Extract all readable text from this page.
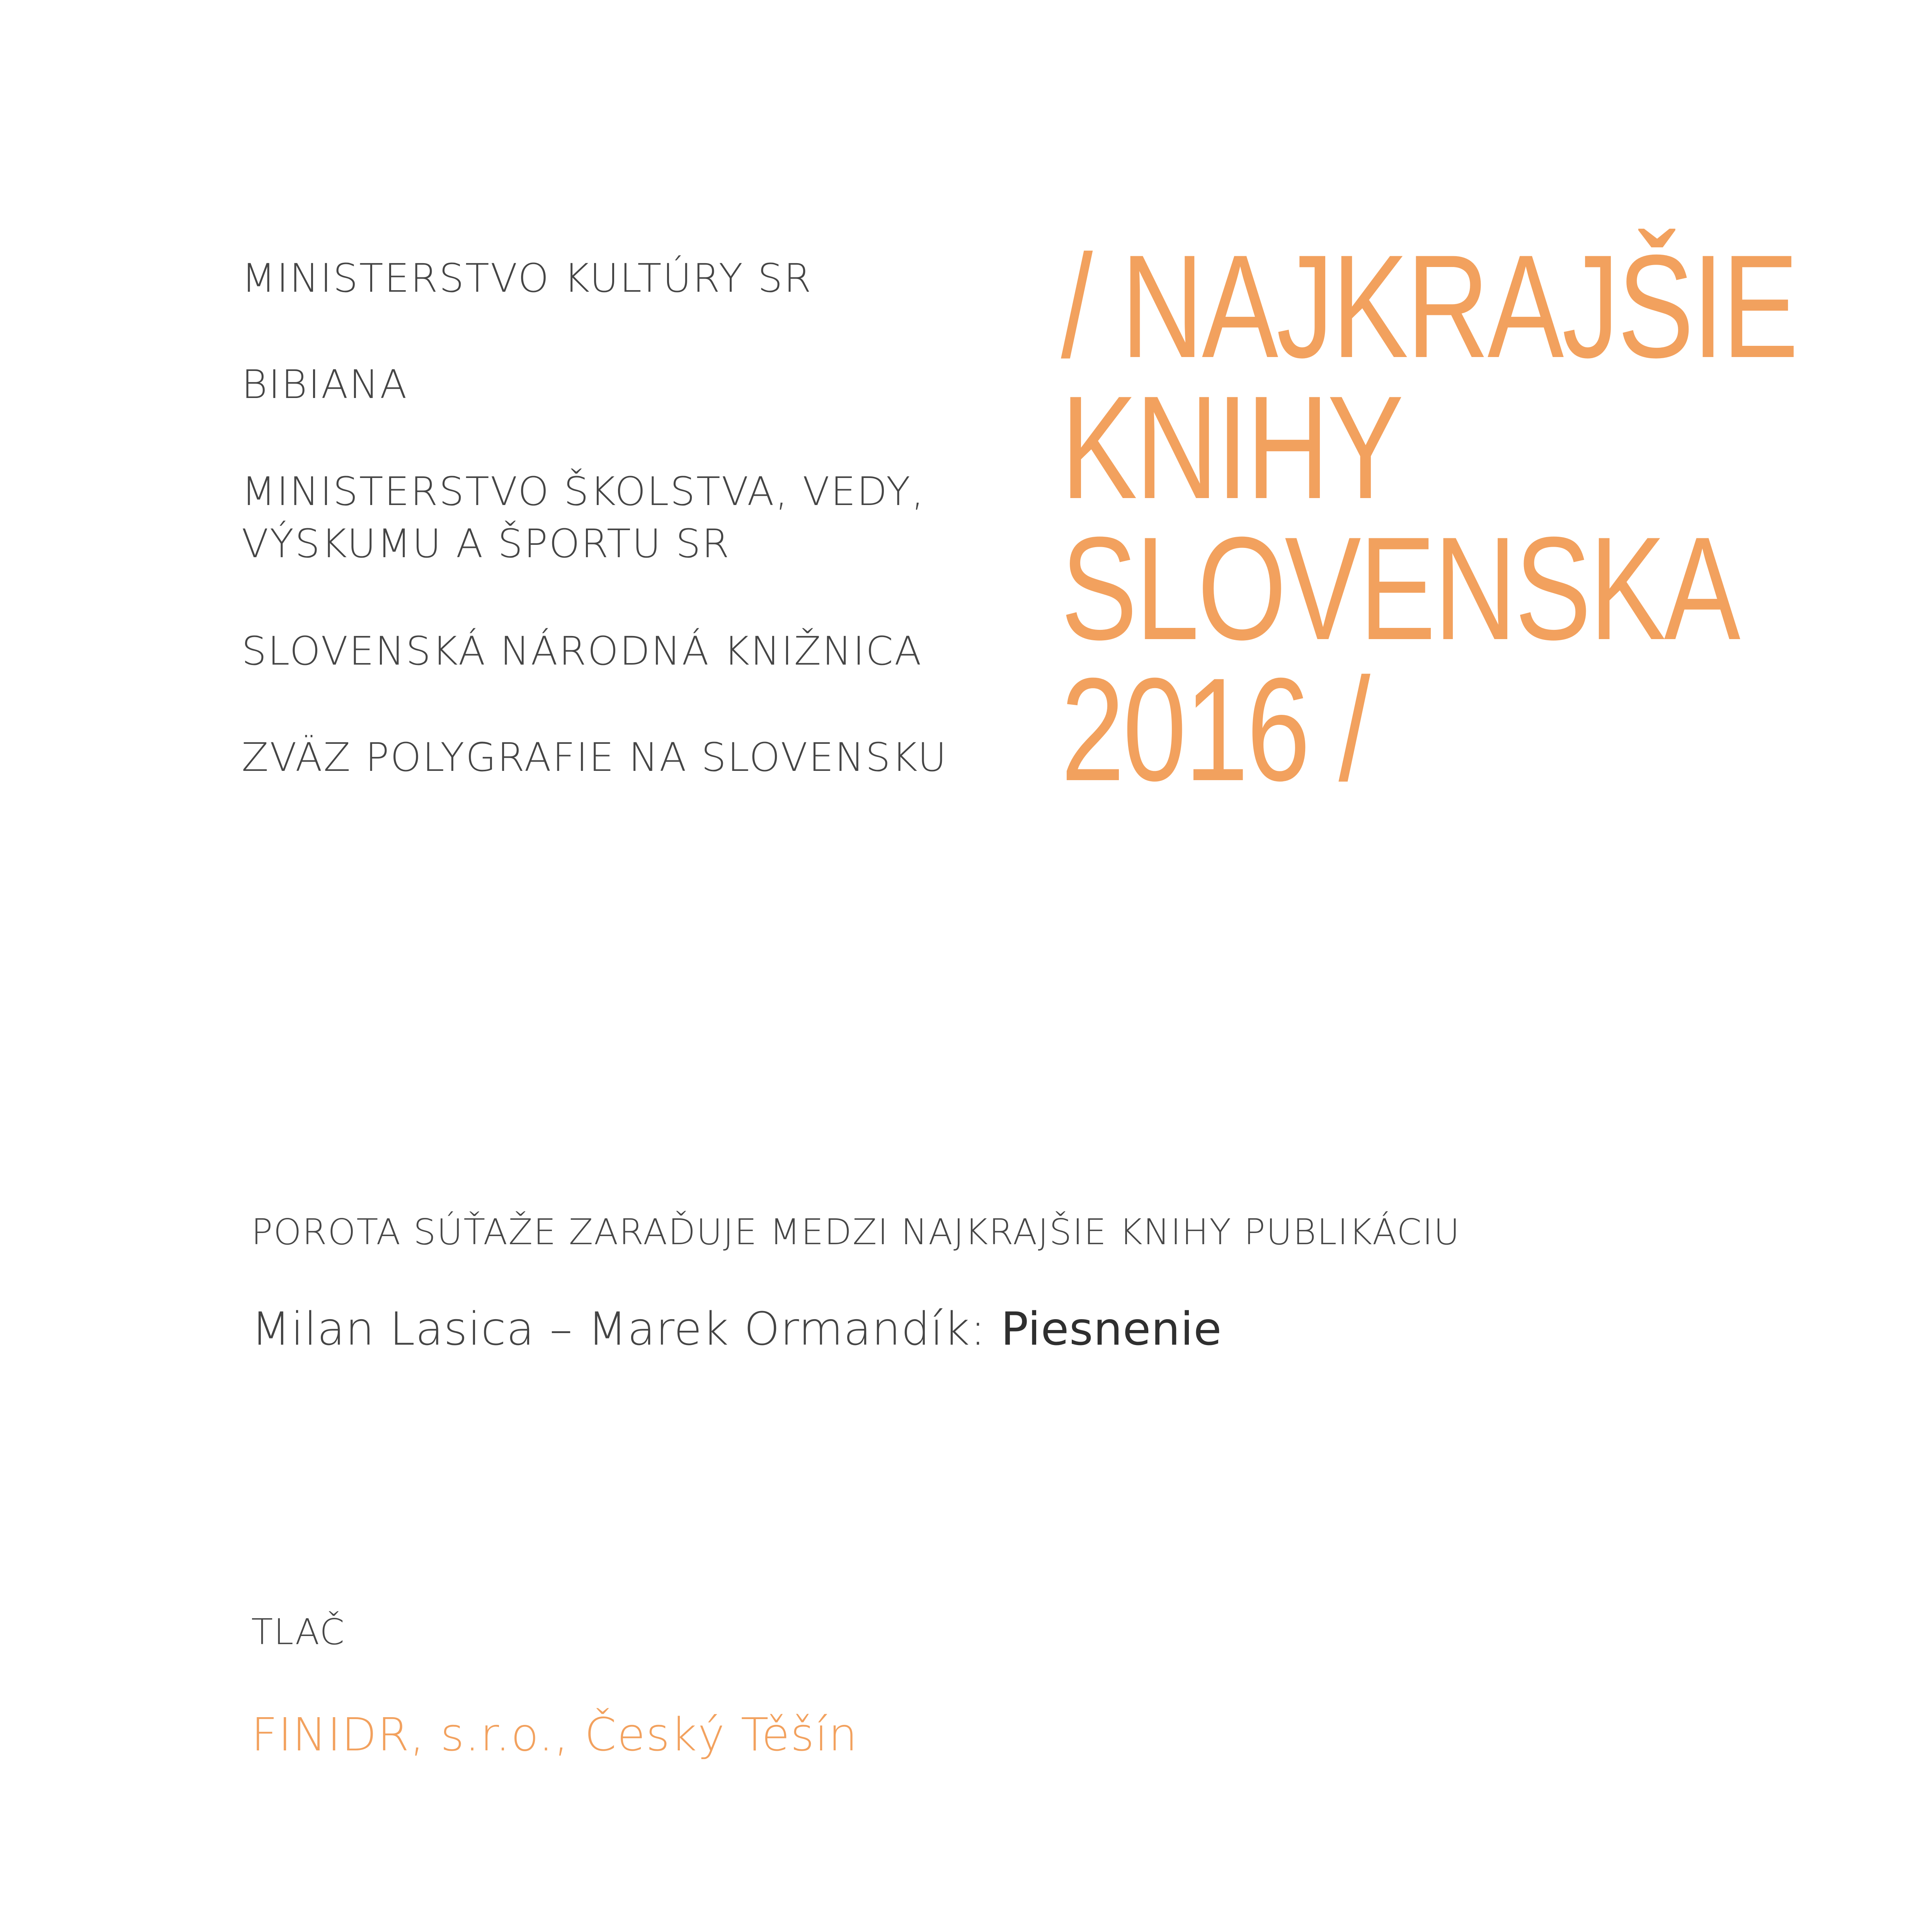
MINISTERSTVO KULTÚRY SR
BIBIANA
MINISTERSTVO ŠKOLSTVA, VEDY,
VÝSKUMU A ŠPORTU SR
SLOVENSKÁ NÁRODNÁ KNIŽNICA
ZVÄZ POLYGRAFIE NA SLOVENSKU
/ NAJKRAJŠIE
KNIHY
SLOVENSKA
2016 /
POROTA SÚŤAŽE ZARAĎUJE MEDZI NAJKRAJŠIE KNIHY PUBLIKÁCIU
Milan Lasica – Marek Ormandík: Piesnenie
TLAČ
FINIDR, s.r.o., Český Těšín
